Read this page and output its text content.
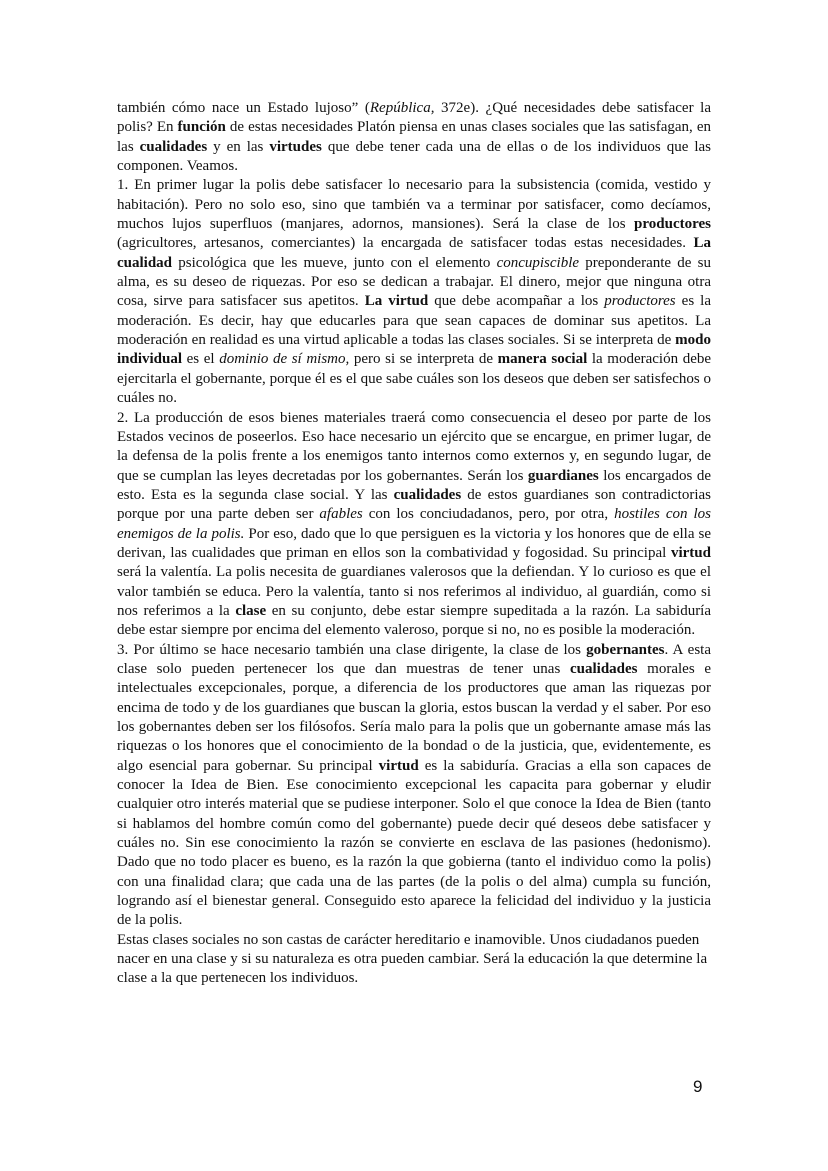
también cómo nace un Estado lujoso” (República, 372e). ¿Qué necesidades debe satisfacer la polis? En función de estas necesidades Platón piensa en unas clases sociales que las satisfagan, en las cualidades y en las virtudes que debe tener cada una de ellas o de los individuos que las componen. Veamos.

1. En primer lugar la polis debe satisfacer lo necesario para la subsistencia (comida, vestido y habitación). Pero no solo eso, sino que también va a terminar por satisfacer, como decíamos, muchos lujos superfluos (manjares, adornos, mansiones). Será la clase de los productores (agricultores, artesanos, comerciantes) la encargada de satisfacer todas estas necesidades. La cualidad psicológica que les mueve, junto con el elemento concupiscible preponderante de su alma, es su deseo de riquezas. Por eso se dedican a trabajar. El dinero, mejor que ninguna otra cosa, sirve para satisfacer sus apetitos. La virtud que debe acompañar a los productores es la moderación. Es decir, hay que educarles para que sean capaces de dominar sus apetitos. La moderación en realidad es una virtud aplicable a todas las clases sociales. Si se interpreta de modo individual es el dominio de sí mismo, pero si se interpreta de manera social la moderación debe ejercitarla el gobernante, porque él es el que sabe cuáles son los deseos que deben ser satisfechos o cuáles no.

2. La producción de esos bienes materiales traerá como consecuencia el deseo por parte de los Estados vecinos de poseerlos. Eso hace necesario un ejército que se encargue, en primer lugar, de la defensa de la polis frente a los enemigos tanto internos como externos y, en segundo lugar, de que se cumplan las leyes decretadas por los gobernantes. Serán los guardianes los encargados de esto. Esta es la segunda clase social. Y las cualidades de estos guardianes son contradictorias porque por una parte deben ser afables con los conciudadanos, pero, por otra, hostiles con los enemigos de la polis. Por eso, dado que lo que persiguen es la victoria y los honores que de ella se derivan, las cualidades que priman en ellos son la combatividad y fogosidad. Su principal virtud será la valentía. La polis necesita de guardianes valerosos que la defiendan. Y lo curioso es que el valor también se educa. Pero la valentía, tanto si nos referimos al individuo, al guardián, como si nos referimos a la clase en su conjunto, debe estar siempre supeditada a la razón. La sabiduría debe estar siempre por encima del elemento valeroso, porque si no, no es posible la moderación.

3. Por último se hace necesario también una clase dirigente, la clase de los gobernantes. A esta clase solo pueden pertenecer los que dan muestras de tener unas cualidades morales e intelectuales excepcionales, porque, a diferencia de los productores que aman las riquezas por encima de todo y de los guardianes que buscan la gloria, estos buscan la verdad y el saber. Por eso los gobernantes deben ser los filósofos. Sería malo para la polis que un gobernante amase más las riquezas o los honores que el conocimiento de la bondad o de la justicia, que, evidentemente, es algo esencial para gobernar. Su principal virtud es la sabiduría. Gracias a ella son capaces de conocer la Idea de Bien. Ese conocimiento excepcional les capacita para gobernar y eludir cualquier otro interés material que se pudiese interponer. Solo el que conoce la Idea de Bien (tanto si hablamos del hombre común como del gobernante) puede decir qué deseos debe satisfacer y cuáles no. Sin ese conocimiento la razón se convierte en esclava de las pasiones (hedonismo). Dado que no todo placer es bueno, es la razón la que gobierna (tanto el individuo como la polis) con una finalidad clara; que cada una de las partes (de la polis o del alma) cumpla su función, logrando así el bienestar general. Conseguido esto aparece la felicidad del individuo y la justicia de la polis.

Estas clases sociales no son castas de carácter hereditario e inamovible. Unos ciudadanos pueden nacer en una clase y si su naturaleza es otra pueden cambiar. Será la educación la que determine la clase a la que pertenecen los individuos.

9
